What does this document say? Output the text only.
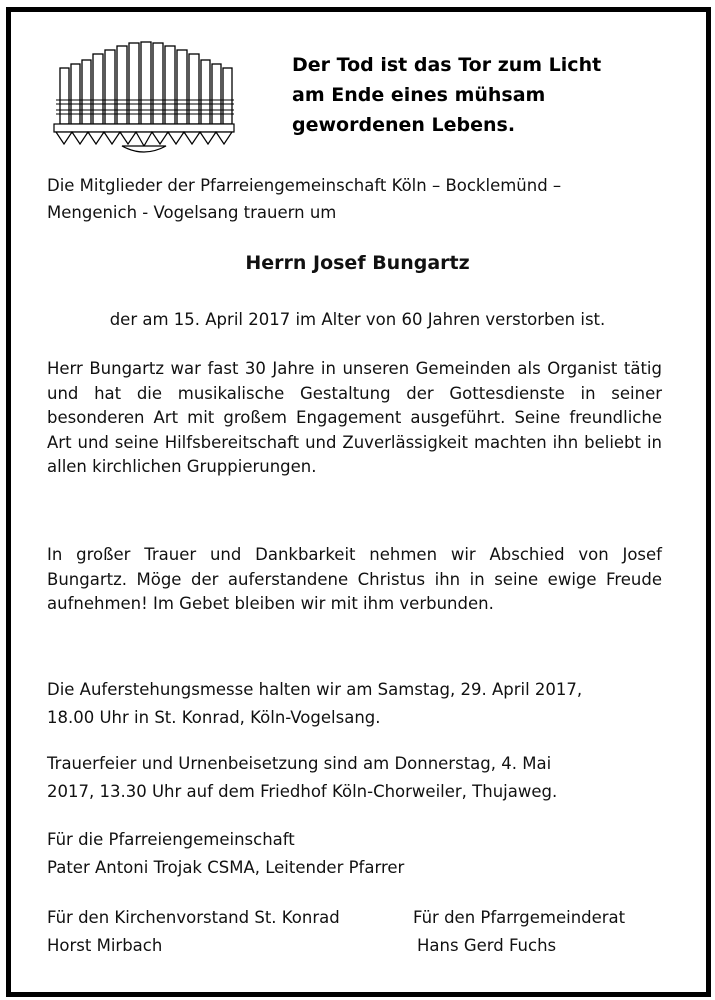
Der Tod ist das Tor zum Licht
am Ende eines mühsam
gewordenen Lebens.
Die Mitglieder der Pfarreiengemeinschaft Köln – Bocklemünd –
Mengenich - Vogelsang trauern um
Herrn Josef Bungartz
der am 15. April 2017 im Alter von 60 Jahren verstorben ist.
Herr Bungartz war fast 30 Jahre in unseren Gemeinden als Organist tätig und hat die musikalische Gestaltung der Gottesdienste in seiner besonderen Art mit großem Engagement ausgeführt. Seine freundliche Art und seine Hilfsbereitschaft und Zuverlässigkeit machten ihn beliebt in allen kirchlichen Gruppierungen.
In großer Trauer und Dankbarkeit nehmen wir Abschied von Josef Bungartz. Möge der auferstandene Christus ihn in seine ewige Freude aufnehmen! Im Gebet bleiben wir mit ihm verbunden.
Die Auferstehungsmesse halten wir am Samstag, 29. April 2017,
18.00 Uhr in St. Konrad, Köln-Vogelsang.
Trauerfeier und Urnenbeisetzung sind am Donnerstag, 4. Mai
2017, 13.30 Uhr auf dem Friedhof Köln-Chorweiler, Thujaweg.
Für die Pfarreiengemeinschaft
Pater Antoni Trojak CSMA, Leitender Pfarrer
Für den Kirchenvorstand St. Konrad
Horst Mirbach
Für den Pfarrgemeinderat
Hans Gerd Fuchs
